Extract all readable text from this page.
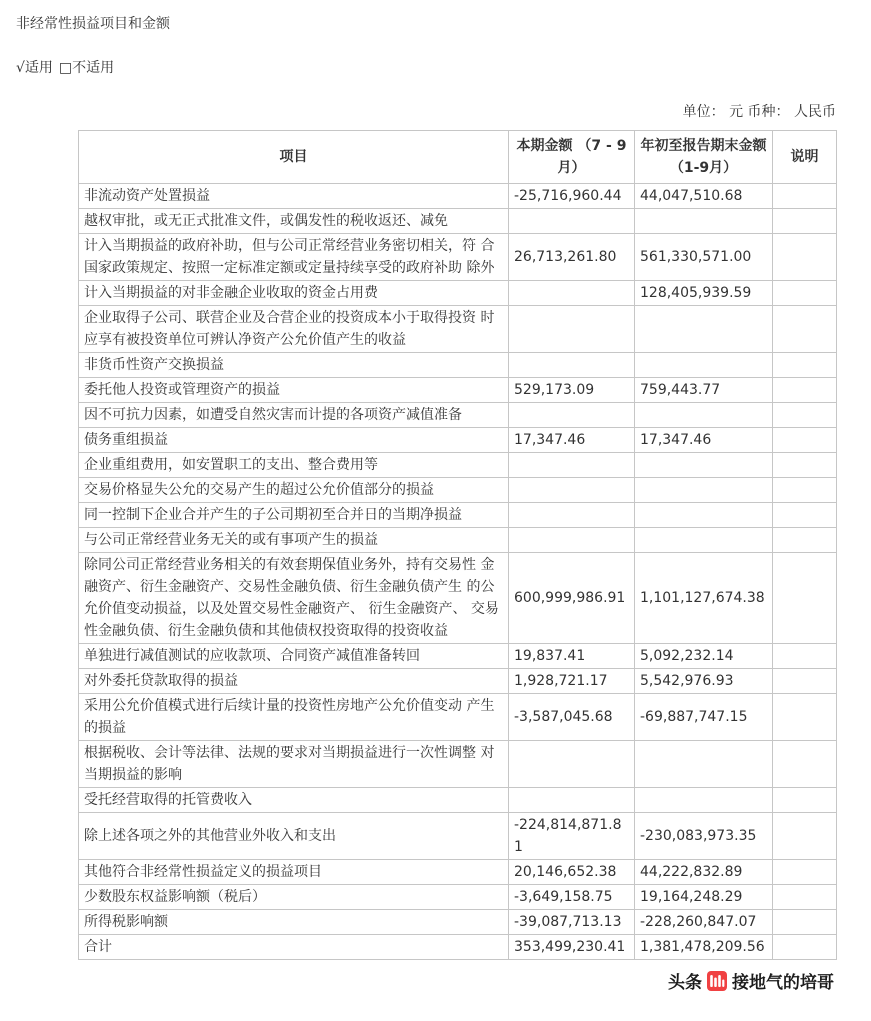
非经常性损益项目和金额
√适用 □不适用
单位： 元 币种： 人民币
项目	本期金额 （7 - 9 月）	年初至报告期末金额（1-9月）	说明
非流动资产处置损益	-25,716,960.44	44,047,510.68	
越权审批，或无正式批准文件，或偶发性的税收返还、减免			
计入当期损益的政府补助，但与公司正常经营业务密切相关，符 合国家政策规定、按照一定标准定额或定量持续享受的政府补助 除外	26,713,261.80	561,330,571.00	
计入当期损益的对非金融企业收取的资金占用费		128,405,939.59	
企业取得子公司、联营企业及合营企业的投资成本小于取得投资 时应享有被投资单位可辨认净资产公允价值产生的收益			
非货币性资产交换损益			
委托他人投资或管理资产的损益	529,173.09	759,443.77	
因不可抗力因素，如遭受自然灾害而计提的各项资产减值准备			
债务重组损益	17,347.46	17,347.46	
企业重组费用，如安置职工的支出、整合费用等			
交易价格显失公允的交易产生的超过公允价值部分的损益			
同一控制下企业合并产生的子公司期初至合并日的当期净损益			
与公司正常经营业务无关的或有事项产生的损益			
除同公司正常经营业务相关的有效套期保值业务外，持有交易性 金融资产、衍生金融资产、交易性金融负债、衍生金融负债产生 的公允价值变动损益，以及处置交易性金融资产、 衍生金融资产、 交易性金融负债、衍生金融负债和其他债权投资取得的投资收益	600,999,986.91	1,101,127,674.38	
单独进行减值测试的应收款项、合同资产减值准备转回	19,837.41	5,092,232.14	
对外委托贷款取得的损益	1,928,721.17	5,542,976.93	
采用公允价值模式进行后续计量的投资性房地产公允价值变动 产生的损益	-3,587,045.68	-69,887,747.15	
根据税收、会计等法律、法规的要求对当期损益进行一次性调整 对当期损益的影响			
受托经营取得的托管费收入			
除上述各项之外的其他营业外收入和支出	-224,814,871.81	-230,083,973.35	
其他符合非经常性损益定义的损益项目	20,146,652.38	44,222,832.89	
少数股东权益影响额（税后）	-3,649,158.75	19,164,248.29	
所得税影响额	-39,087,713.13	-228,260,847.07	
合计	353,499,230.41	1,381,478,209.56	
头条 接地气的培哥
